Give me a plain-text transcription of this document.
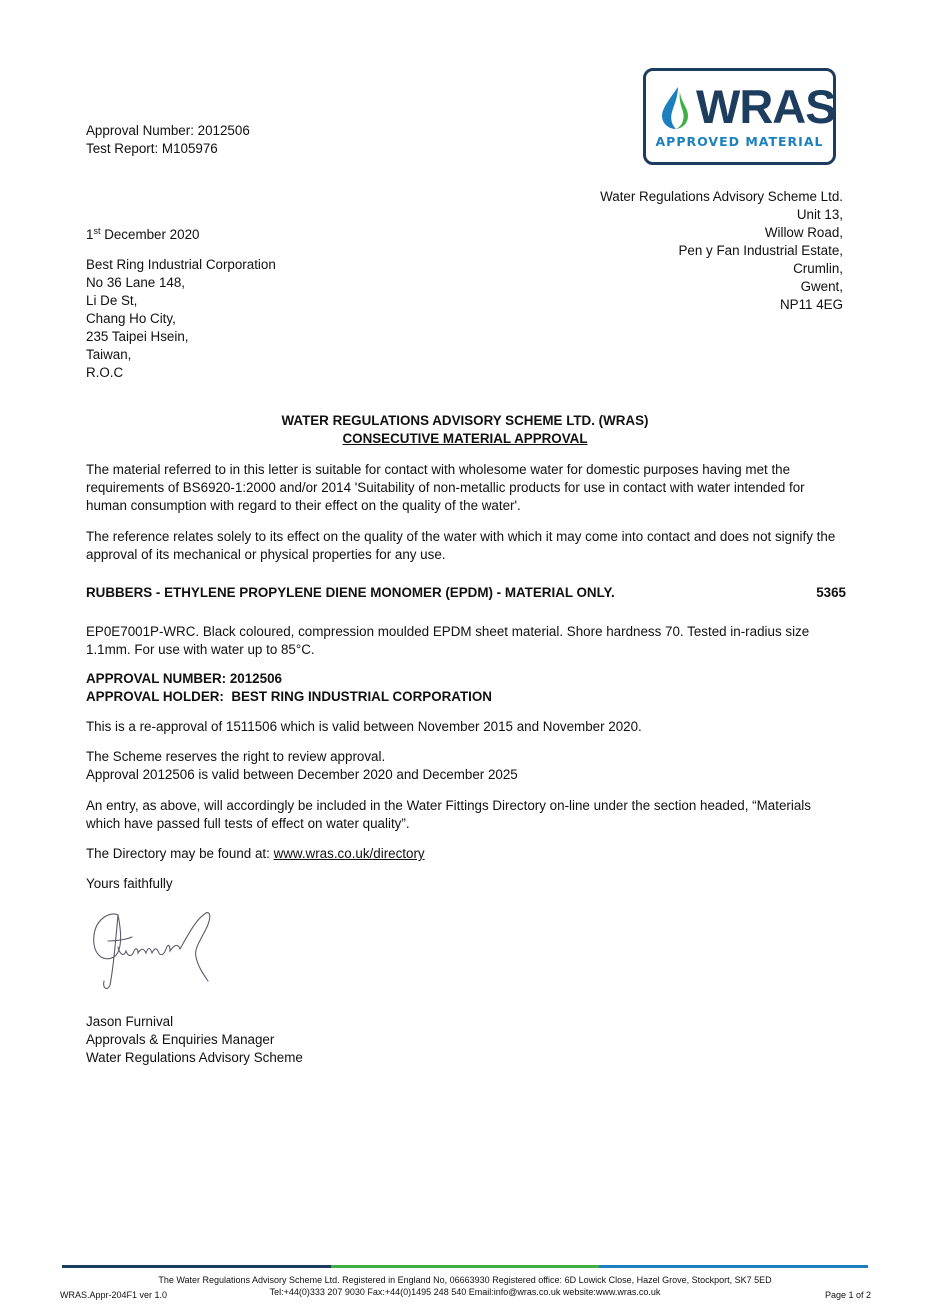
Approval Number: 2012506

Test Report: M105976

WRAS
APPROVED MATERIAL

Water Regulations Advisory Scheme Ltd.

Unit 13,

Willow Road,

Pen y Fan Industrial Estate,

Crumlin,

Gwent,

NP11 4EG

1st December 2020

Best Ring Industrial Corporation

No 36 Lane 148,

Li De St,

Chang Ho City,

235 Taipei Hsein,

Taiwan,

R.O.C

WATER REGULATIONS ADVISORY SCHEME LTD. (WRAS)

CONSECUTIVE MATERIAL APPROVAL

The material referred to in this letter is suitable for contact with wholesome water for domestic purposes having met the requirements of BS6920-1:2000 and/or 2014 'Suitability of non-metallic products for use in contact with water intended for human consumption with regard to their effect on the quality of the water'.

The reference relates solely to its effect on the quality of the water with which it may come into contact and does not signify the approval of its mechanical or physical properties for any use.

RUBBERS - ETHYLENE PROPYLENE DIENE MONOMER (EPDM) - MATERIAL ONLY.	5365

EP0E7001P-WRC. Black coloured, compression moulded EPDM sheet material. Shore hardness 70. Tested in-radius size 1.1mm. For use with water up to 85°C.

APPROVAL NUMBER: 2012506

APPROVAL HOLDER:  BEST RING INDUSTRIAL CORPORATION

This is a re-approval of 1511506 which is valid between November 2015 and November 2020.

The Scheme reserves the right to review approval.

Approval 2012506 is valid between December 2020 and December 2025

An entry, as above, will accordingly be included in the Water Fittings Directory on-line under the section headed, “Materials which have passed full tests of effect on water quality”.

The Directory may be found at: www.wras.co.uk/directory

Yours faithfully

Jason Furnival

Approvals & Enquiries Manager

Water Regulations Advisory Scheme

The Water Regulations Advisory Scheme Ltd. Registered in England No, 06663930 Registered office: 6D Lowick Close, Hazel Grove, Stockport, SK7 5ED

Tel:+44(0)333 207 9030 Fax:+44(0)1495 248 540 Email:info@wras.co.uk website:www.wras.co.uk

WRAS.Appr-204F1 ver 1.0	Page 1 of 2
